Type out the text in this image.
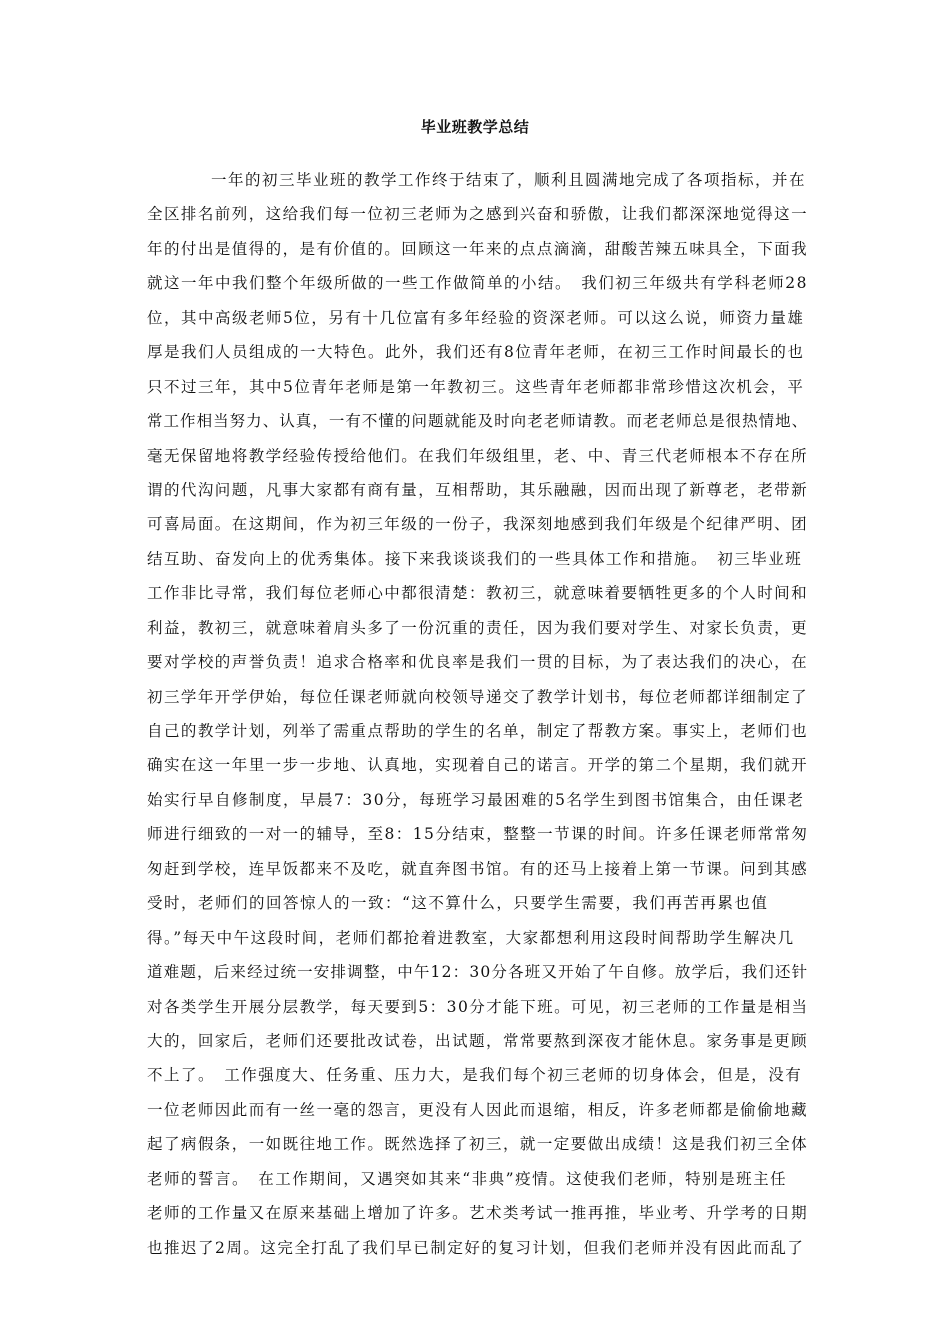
毕业班教学总结
一年的初三毕业班的教学工作终于结束了，顺利且圆满地完成了各项指标，并在
全区排名前列，这给我们每一位初三老师为之感到兴奋和骄傲，让我们都深深地觉得这一
年的付出是值得的，是有价值的。回顾这一年来的点点滴滴，甜酸苦辣五味具全，下面我
就这一年中我们整个年级所做的一些工作做简单的小结。　我们初三年级共有学科老师28
位，其中高级老师5位，另有十几位富有多年经验的资深老师。可以这么说，师资力量雄
厚是我们人员组成的一大特色。此外，我们还有8位青年老师，在初三工作时间最长的也
只不过三年，其中5位青年老师是第一年教初三。这些青年老师都非常珍惜这次机会，平
常工作相当努力、认真，一有不懂的问题就能及时向老老师请教。而老老师总是很热情地、
毫无保留地将教学经验传授给他们。在我们年级组里，老、中、青三代老师根本不存在所
谓的代沟问题，凡事大家都有商有量，互相帮助，其乐融融，因而出现了新尊老，老带新
可喜局面。在这期间，作为初三年级的一份子，我深刻地感到我们年级是个纪律严明、团
结互助、奋发向上的优秀集体。接下来我谈谈我们的一些具体工作和措施。　初三毕业班
工作非比寻常，我们每位老师心中都很清楚：教初三，就意味着要牺牲更多的个人时间和
利益，教初三，就意味着肩头多了一份沉重的责任，因为我们要对学生、对家长负责，更
要对学校的声誉负责！追求合格率和优良率是我们一贯的目标，为了表达我们的决心，在
初三学年开学伊始，每位任课老师就向校领导递交了教学计划书，每位老师都详细制定了
自己的教学计划，列举了需重点帮助的学生的名单，制定了帮教方案。事实上，老师们也
确实在这一年里一步一步地、认真地，实现着自己的诺言。开学的第二个星期，我们就开
始实行早自修制度，早晨7：30分，每班学习最困难的5名学生到图书馆集合，由任课老
师进行细致的一对一的辅导，至8：15分结束，整整一节课的时间。许多任课老师常常匆
匆赶到学校，连早饭都来不及吃，就直奔图书馆。有的还马上接着上第一节课。问到其感
受时，老师们的回答惊人的一致：“这不算什么，只要学生需要，我们再苦再累也值
得。”每天中午这段时间，老师们都抢着进教室，大家都想利用这段时间帮助学生解决几
道难题，后来经过统一安排调整，中午12：30分各班又开始了午自修。放学后，我们还针
对各类学生开展分层教学，每天要到5：30分才能下班。可见，初三老师的工作量是相当
大的，回家后，老师们还要批改试卷，出试题，常常要熬到深夜才能休息。家务事是更顾
不上了。　工作强度大、任务重、压力大，是我们每个初三老师的切身体会，但是，没有
一位老师因此而有一丝一毫的怨言，更没有人因此而退缩，相反，许多老师都是偷偷地藏
起了病假条，一如既往地工作。既然选择了初三，就一定要做出成绩！这是我们初三全体
老师的誓言。　在工作期间，又遇突如其来“非典”疫情。这使我们老师，特别是班主任
老师的工作量又在原来基础上增加了许多。艺术类考试一推再推，毕业考、升学考的日期
也推迟了2周。这完全打乱了我们早已制定好的复习计划，但我们老师并没有因此而乱了
